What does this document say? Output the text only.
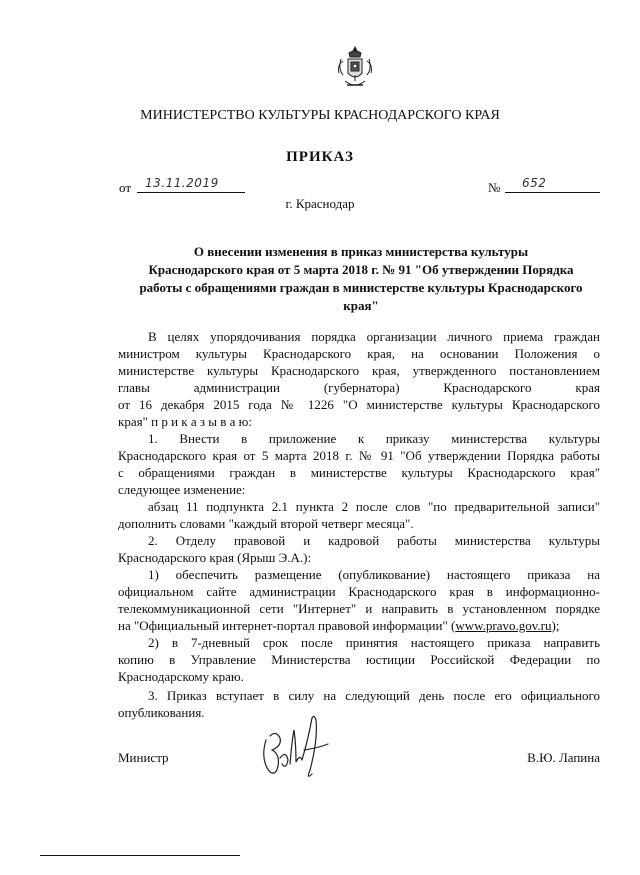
МИНИСТЕРСТВО КУЛЬТУРЫ КРАСНОДАРСКОГО КРАЯ
ПРИКАЗ
от 13.11.2019	№ 652
г. Краснодар
О внесении изменения в приказ министерства культуры
Краснодарского края от 5 марта 2018 г. № 91 "Об утверждении Порядка
работы с обращениями граждан в министерстве культуры Краснодарского
края"
В целях упорядочивания порядка организации личного приема граждан
министром культуры Краснодарского края, на основании Положения о
министерстве культуры Краснодарского края, утвержденного постановлением
главы администрации (губернатора) Краснодарского края
от 16 декабря 2015 года № 1226 "О министерстве культуры Краснодарского
края" п р и к а з ы в а ю:
1. Внести в приложение к приказу министерства культуры
Краснодарского края от 5 марта 2018 г. № 91 "Об утверждении Порядка работы
с обращениями граждан в министерстве культуры Краснодарского края"
следующее изменение:
абзац 11 подпункта 2.1 пункта 2 после слов "по предварительной записи"
дополнить словами "каждый второй четверг месяца".
2. Отделу правовой и кадровой работы министерства культуры
Краснодарского края (Ярыш Э.А.):
1) обеспечить размещение (опубликование) настоящего приказа на
официальном сайте администрации Краснодарского края в информационно-
телекоммуникационной сети "Интернет" и направить в установленном порядке
на "Официальный интернет-портал правовой информации" (www.pravo.gov.ru);
2) в 7-дневный срок после принятия настоящего приказа направить
копию в Управление Министерства юстиции Российской Федерации по
Краснодарскому краю.
3. Приказ вступает в силу на следующий день после его официального
опубликования.
Министр	В.Ю. Лапина
